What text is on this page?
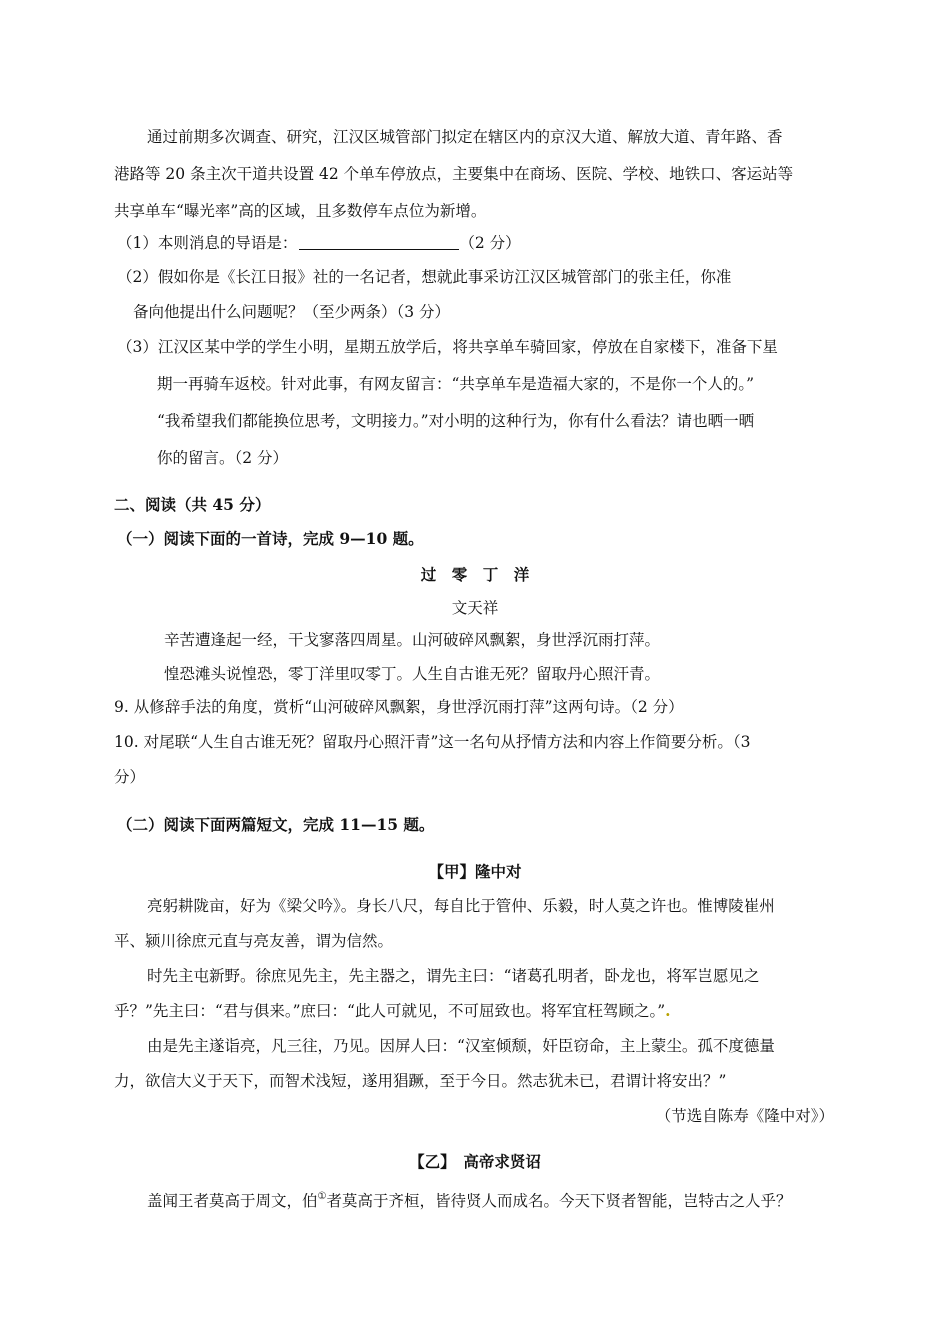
通过前期多次调查、研究，江汉区城管部门拟定在辖区内的京汉大道、解放大道、青年路、香

港路等 20 条主次干道共设置 42 个单车停放点，主要集中在商场、医院、学校、地铁口、客运站等

共享单车“曝光率”高的区域，且多数停车点位为新增。

（1）本则消息的导语是：	（2 分）

（2）假如你是《长江日报》社的一名记者，想就此事采访江汉区城管部门的张主任，你准

备向他提出什么问题呢？（至少两条）（3 分）

（3）江汉区某中学的学生小明，星期五放学后，将共享单车骑回家，停放在自家楼下，准备下星

期一再骑车返校。针对此事，有网友留言：“共享单车是造福大家的，不是你一个人的。”

“我希望我们都能换位思考，文明接力。”对小明的这种行为，你有什么看法？请也晒一晒

你的留言。（2 分）

二、阅读（共 45 分）

（一）阅读下面的一首诗，完成 9—10 题。

过　零　丁　洋

文天祥

辛苦遭逢起一经，干戈寥落四周星。山河破碎风飘絮，身世浮沉雨打萍。

惶恐滩头说惶恐，零丁洋里叹零丁。人生自古谁无死？留取丹心照汗青。

9. 从修辞手法的角度，赏析“山河破碎风飘絮，身世浮沉雨打萍”这两句诗。（2 分）

10. 对尾联“人生自古谁无死？留取丹心照汗青”这一名句从抒情方法和内容上作简要分析。（3

分）

（二）阅读下面两篇短文，完成 11—15 题。

【甲】隆中对

亮躬耕陇亩，好为《梁父吟》。身长八尺，每自比于管仲、乐毅，时人莫之许也。惟博陵崔州

平、颍川徐庶元直与亮友善，谓为信然。

时先主屯新野。徐庶见先主，先主器之，谓先主曰：“诸葛孔明者，卧龙也，将军岂愿见之

乎？”先主曰：“君与俱来。”庶曰：“此人可就见，不可屈致也。将军宜枉驾顾之。”.

由是先主遂诣亮，凡三往，乃见。因屏人曰：“汉室倾颓，奸臣窃命，主上蒙尘。孤不度德量

力，欲信大义于天下，而智术浅短，遂用猖蹶，至于今日。然志犹未已，君谓计将安出？”

（节选自陈寿《隆中对》）

【乙】　高帝求贤诏

盖闻王者莫高于周文，伯①者莫高于齐桓，皆待贤人而成名。今天下贤者智能，岂特古之人乎？
